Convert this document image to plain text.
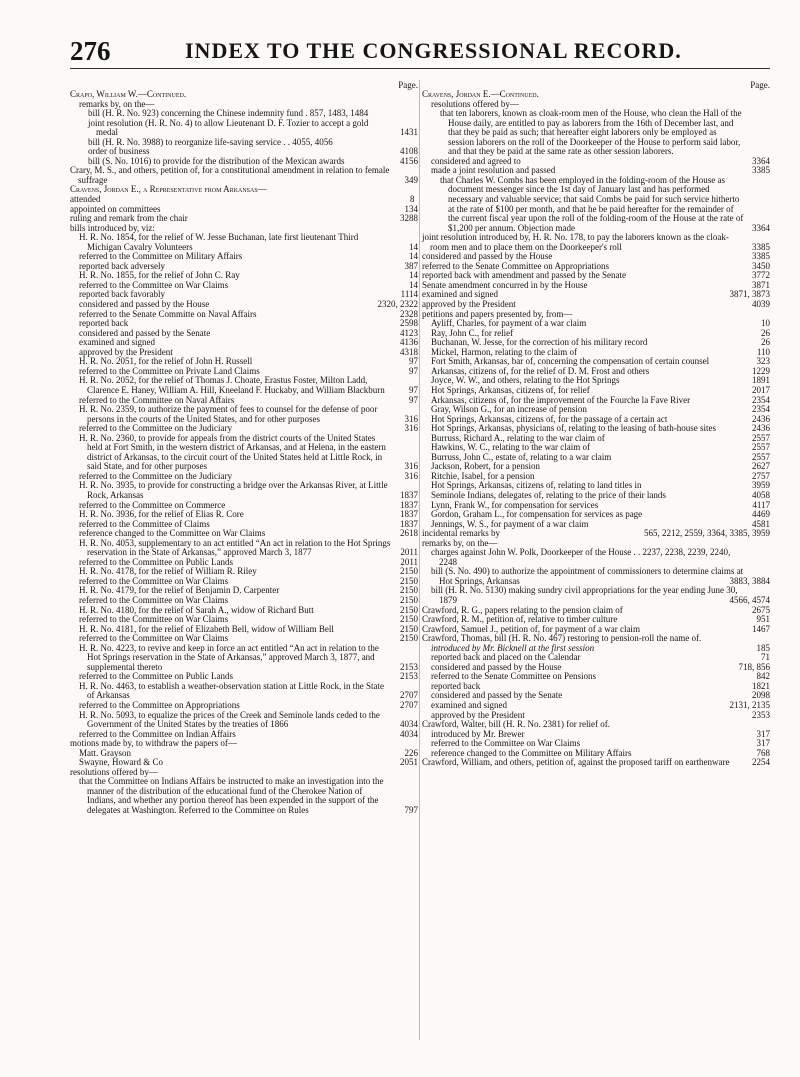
276	INDEX TO THE CONGRESSIONAL RECORD.
Page.
Crapo, William W.—Continued.
remarks by, on the—
bill (H. R. No. 923) concerning the Chinese indemnity fund . 857, 1483, 1484
joint resolution (H. R. No. 4) to allow Lieutenant D. F. Tozier to accept a gold medal	1431
bill (H. R. No. 3988) to reorganize life-saving service . . 4055, 4056
order of business	4108
bill (S. No. 1016) to provide for the distribution of the Mexican awards	4156
Crary, M. S., and others, petition of, for a constitutional amendment in relation to female suffrage	349
Cravens, Jordan E., a Representative from Arkansas—
attended	8
appointed on committees	134
ruling and remark from the chair	3288
bills introduced by, viz:
H. R. No. 1854, for the relief of W. Jesse Buchanan, late first lieutenant Third Michigan Cavalry Volunteers	14
referred to the Committee on Military Affairs	14
reported back adversely	387
H. R. No. 1855, for the relief of John C. Ray	14
referred to the Committee on War Claims	14
reported back favorably	1114
considered and passed by the House	2320, 2322
referred to the Senate Committe on Naval Affairs	2328
reported back	2598
considered and passed by the Senate	4123
examined and signed	4136
approved by the President	4318
H. R. No. 2051, for the relief of John H. Russell	97
referred to the Committee on Private Land Claims	97
H. R. No. 2052, for the relief of Thomas J. Choate, Erastus Foster, Milton Ladd, Clarence E. Haney, William A. Hill, Kneeland F. Huckaby, and William Blackburn	97
referred to the Committee on Naval Affairs	97
H. R. No. 2359, to authorize the payment of fees to counsel for the defense of poor persons in the courts of the United States, and for other purposes	316
referred to the Committee on the Judiciary	316
H. R. No. 2360, to provide for appeals from the district courts of the United States held at Fort Smith, in the western district of Arkansas, and at Helena, in the eastern district of Arkansas, to the circuit court of the United States held at Little Rock, in said State, and for other purposes	316
referred to the Committee on the Judiciary	316
H. R. No. 3935, to provide for constructing a bridge over the Arkansas River, at Little Rock, Arkansas	1837
referred to the Committee on Commerce	1837
H. R. No. 3936, for the relief of Elias R. Core	1837
referred to the Committee of Claims	1837
reference changed to the Committee on War Claims	2618
H. R. No. 4053, supplementary to an act entitled “An act in relation to the Hot Springs reservation in the State of Arkansas,” approved March 3, 1877	2011
referred to the Committee on Public Lands	2011
H. R. No. 4178, for the relief of William R. Riley	2150
referred to the Committee on War Claims	2150
H. R. No. 4179, for the relief of Benjamin D. Carpenter	2150
referred to the Committee on War Claims	2150
H. R. No. 4180, for the relief of Sarah A., widow of Richard Butt	2150
referred to the Committee on War Claims	2150
H. R. No. 4181, for the relief of Elizabeth Bell, widow of William Bell	2150
referred to the Committee on War Claims	2150
H. R. No. 4223, to revive and keep in force an act entitled “An act in relation to the Hot Springs reservation in the State of Arkansas,” approved March 3, 1877, and supplemental thereto	2153
referred to the Committee on Public Lands	2153
H. R. No. 4463, to establish a weather-observation station at Little Rock, in the State of Arkansas	2707
referred to the Committee on Appropriations	2707
H. R. No. 5093, to equalize the prices of the Creek and Seminole lands ceded to the Government of the United States by the treaties of 1866	4034
referred to the Committee on Indian Affairs	4034
motions made by, to withdraw the papers of—
Matt. Grayson	226
Swayne, Howard & Co	2051
resolutions offered by—
that the Committee on Indians Affairs be instructed to make an investigation into the manner of the distribution of the educational fund of the Cherokee Nation of Indians, and whether any portion thereof has been expended in the support of the delegates at Washington. Referred to the Committee on Rules	797
Page.
Cravens, Jordan E.—Continued.
resolutions offered by—
that ten laborers, known as cloak-room men of the House, who clean the Hall of the House daily, are entitled to pay as laborers from the 16th of December last, and that they be paid as such; that hereafter eight laborers only be employed as session laborers on the roll of the Doorkeeper of the House to perform said labor, and that they be paid at the same rate as other session laborers.
considered and agreed to	3364
made a joint resolution and passed	3385
that Charles W. Combs has been employed in the folding-room of the House as document messenger since the 1st day of January last and has performed necessary and valuable service; that said Combs be paid for such service hitherto at the rate of $100 per month, and that he be paid hereafter for the remainder of the current fiscal year upon the roll of the folding-room of the House at the rate of $1,200 per annum. Objection made	3364
joint resolution introduced by, H. R. No. 178, to pay the laborers known as the cloak-room men and to place them on the Doorkeeper's roll	3385
considered and passed by the House	3385
referred to the Senate Committee on Appropriations	3450
reported back with amendment and passed by the Senate	3772
Senate amendment concurred in by the House	3871
examined and signed	3871, 3873
approved by the President	4039
petitions and papers presented by, from—
Ayliff, Charles, for payment of a war claim	10
Ray, John C., for relief	26
Buchanan, W. Jesse, for the correction of his military record	26
Mickel, Harmon, relating to the claim of	110
Fort Smith, Arkansas, bar of, concerning the compensation of certain counsel	323
Arkansas, citizens of, for the relief of D. M. Frost and others	1229
Joyce, W. W., and others, relating to the Hot Springs	1891
Hot Springs, Arkansas, citizens of, for relief	2017
Arkansas, citizens of, for the improvement of the Fourche la Fave River	2354
Gray, Wilson G., for an increase of pension	2354
Hot Springs, Arkansas, citizens of, for the passage of a certain act	2436
Hot Springs, Arkansas, physicians of, relating to the leasing of bath-house sites	2436
Burruss, Richard A., relating to the war claim of	2557
Hawkins, W. C., relating to the war claim of	2557
Burruss, John C., estate of, relating to a war claim	2557
Jackson, Robert, for a pension	2627
Ritchie, Isabel, for a pension	2757
Hot Springs, Arkansas, citizens of, relating to land titles in	3959
Seminole Indians, delegates of, relating to the price of their lands	4058
Lynn, Frank W., for compensation for services	4117
Gordon, Graham L., for compensation for services as page	4469
Jennings, W. S., for payment of a war claim	4581
incidental remarks by	565, 2212, 2559, 3364, 3385, 3959
remarks by, on the—
charges against John W. Polk, Doorkeeper of the House . . 2237, 2238, 2239, 2240, 2248
bill (S. No. 490) to authorize the appointment of commissioners to determine claims at Hot Springs, Arkansas	3883, 3884
bill (H. R. No. 5130) making sundry civil appropriations for the year ending June 30, 1879	4566, 4574
Crawford, R. G., papers relating to the pension claim of	2675
Crawford, R. M., petition of, relative to timber culture	951
Crawford, Samuel J., petition of, for payment of a war claim	1467
Crawford, Thomas, bill (H. R. No. 467) restoring to pension-roll the name of.
introduced by Mr. Bicknell at the first session	185
reported back and placed on the Calendar	71
considered and passed by the House	718, 856
referred to the Senate Committee on Pensions	842
reported back	1821
considered and passed by the Senate	2098
examined and signed	2131, 2135
approved by the President	2353
Crawford, Walter, bill (H. R. No. 2381) for relief of.
introduced by Mr. Brewer	317
referred to the Committee on War Claims	317
reference changed to the Committee on Military Affairs	768
Crawford, William, and others, petition of, against the proposed tariff on earthenware	2254
